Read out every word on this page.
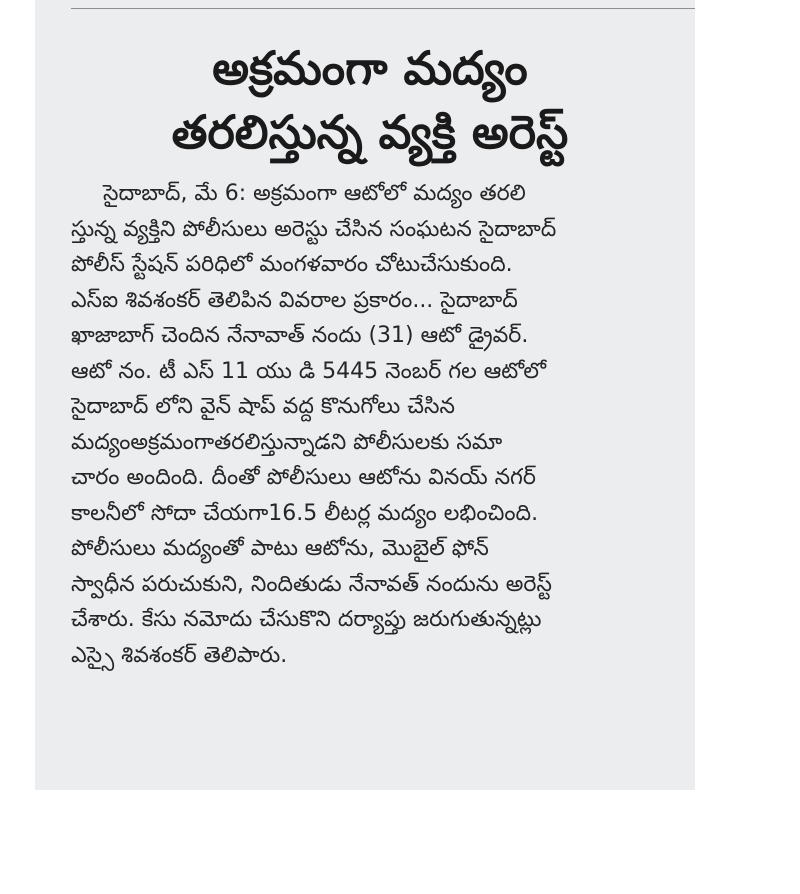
అక్రమంగా మద్యం
తరలిస్తున్న వ్యక్తి అరెస్ట్
సైదాబాద్, మే 6: అక్రమంగా ఆటోలో మద్యం తరలి
స్తున్న వ్యక్తిని పోలీసులు అరెస్టు చేసిన సంఘటన సైదాబాద్
పోలీస్ స్టేషన్ పరిధిలో మంగళవారం చోటుచేసుకుంది.
ఎస్ఐ శివశంకర్ తెలిపిన వివరాల ప్రకారం... సైదాబాద్
ఖాజాబాగ్ చెందిన నేనావాత్ నందు (31) ఆటో డ్రైవర్.
ఆటో నం. టీ ఎస్ 11 యు డి 5445 నెంబర్ గల ఆటోలో
సైదాబాద్ లోని వైన్ షాప్ వద్ద కొనుగోలు చేసిన
మద్యంఅక్రమంగాతరలిస్తున్నాడని పోలీసులకు సమా
చారం అందింది. దీంతో పోలీసులు ఆటోను వినయ్ నగర్
కాలనీలో సోదా చేయగా16.5 లీటర్ల మద్యం లభించింది.
పోలీసులు మద్యంతో పాటు ఆటోను, మొబైల్ ఫోన్
స్వాధీన పరుచుకుని, నిందితుడు నేనావత్ నందును అరెస్ట్
చేశారు. కేసు నమోదు చేసుకొని దర్యాప్తు జరుగుతున్నట్లు
ఎస్సై శివశంకర్ తెలిపారు.
